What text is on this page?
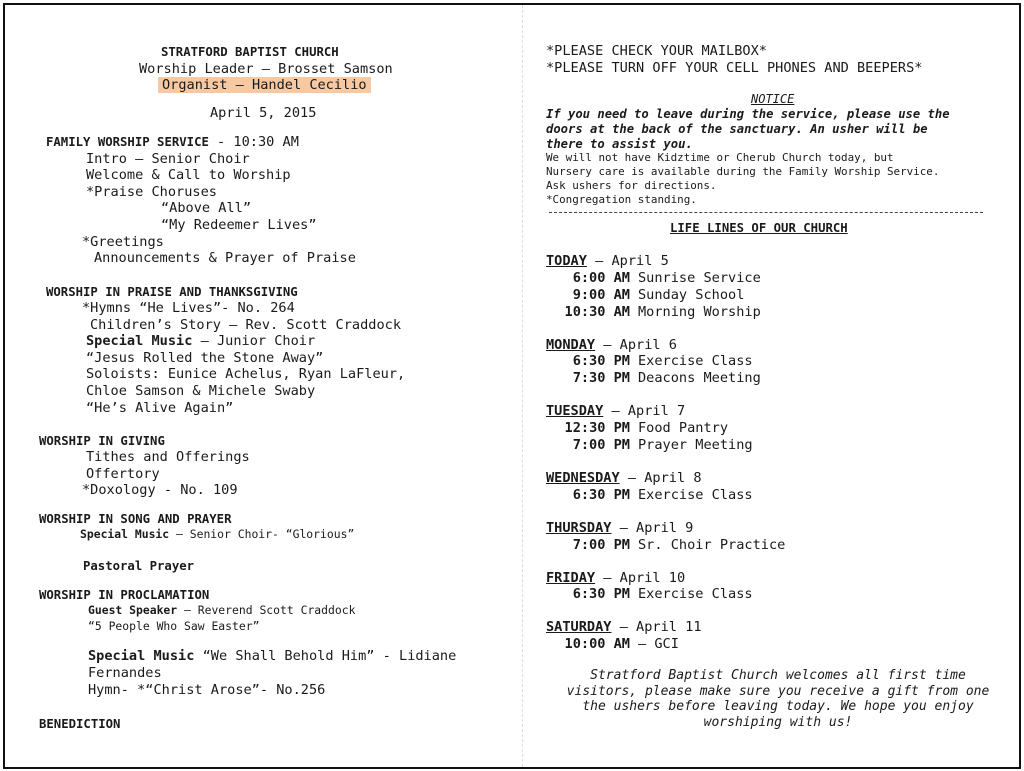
STRATFORD BAPTIST CHURCH
Worship Leader – Brosset Samson
Organist – Handel Cecilio
April 5, 2015
FAMILY WORSHIP SERVICE - 10:30 AM
Intro – Senior Choir
Welcome & Call to Worship
*Praise Choruses
“Above All”
“My Redeemer Lives”
*Greetings
Announcements & Prayer of Praise
WORSHIP IN PRAISE AND THANKSGIVING
*Hymns “He Lives”- No. 264
Children’s Story – Rev. Scott Craddock
Special Music – Junior Choir
“Jesus Rolled the Stone Away”
Soloists: Eunice Achelus, Ryan LaFleur,
Chloe Samson & Michele Swaby
“He’s Alive Again”
WORSHIP IN GIVING
Tithes and Offerings
Offertory
*Doxology - No. 109
WORSHIP IN SONG AND PRAYER
Special Music – Senior Choir- “Glorious”
Pastoral Prayer
WORSHIP IN PROCLAMATION
Guest Speaker – Reverend Scott Craddock
“5 People Who Saw Easter”
Special Music “We Shall Behold Him” - Lidiane
Fernandes
Hymn- *“Christ Arose”- No.256
BENEDICTION
*PLEASE CHECK YOUR MAILBOX*
*PLEASE TURN OFF YOUR CELL PHONES AND BEEPERS*
NOTICE
If you need to leave during the service, please use the
doors at the back of the sanctuary. An usher will be
there to assist you.
We will not have Kidztime or Cherub Church today, but
Nursery care is available during the Family Worship Service.
Ask ushers for directions.
*Congregation standing.
LIFE LINES OF OUR CHURCH
TODAY – April 5
6:00 AM Sunrise Service
9:00 AM Sunday School
10:30 AM Morning Worship
MONDAY – April 6
6:30 PM Exercise Class
7:30 PM Deacons Meeting
TUESDAY – April 7
12:30 PM Food Pantry
7:00 PM Prayer Meeting
WEDNESDAY – April 8
6:30 PM Exercise Class
THURSDAY – April 9
7:00 PM Sr. Choir Practice
FRIDAY – April 10
6:30 PM Exercise Class
SATURDAY – April 11
10:00 AM – GCI
Stratford Baptist Church welcomes all first time
visitors, please make sure you receive a gift from one
the ushers before leaving today. We hope you enjoy
worshiping with us!
